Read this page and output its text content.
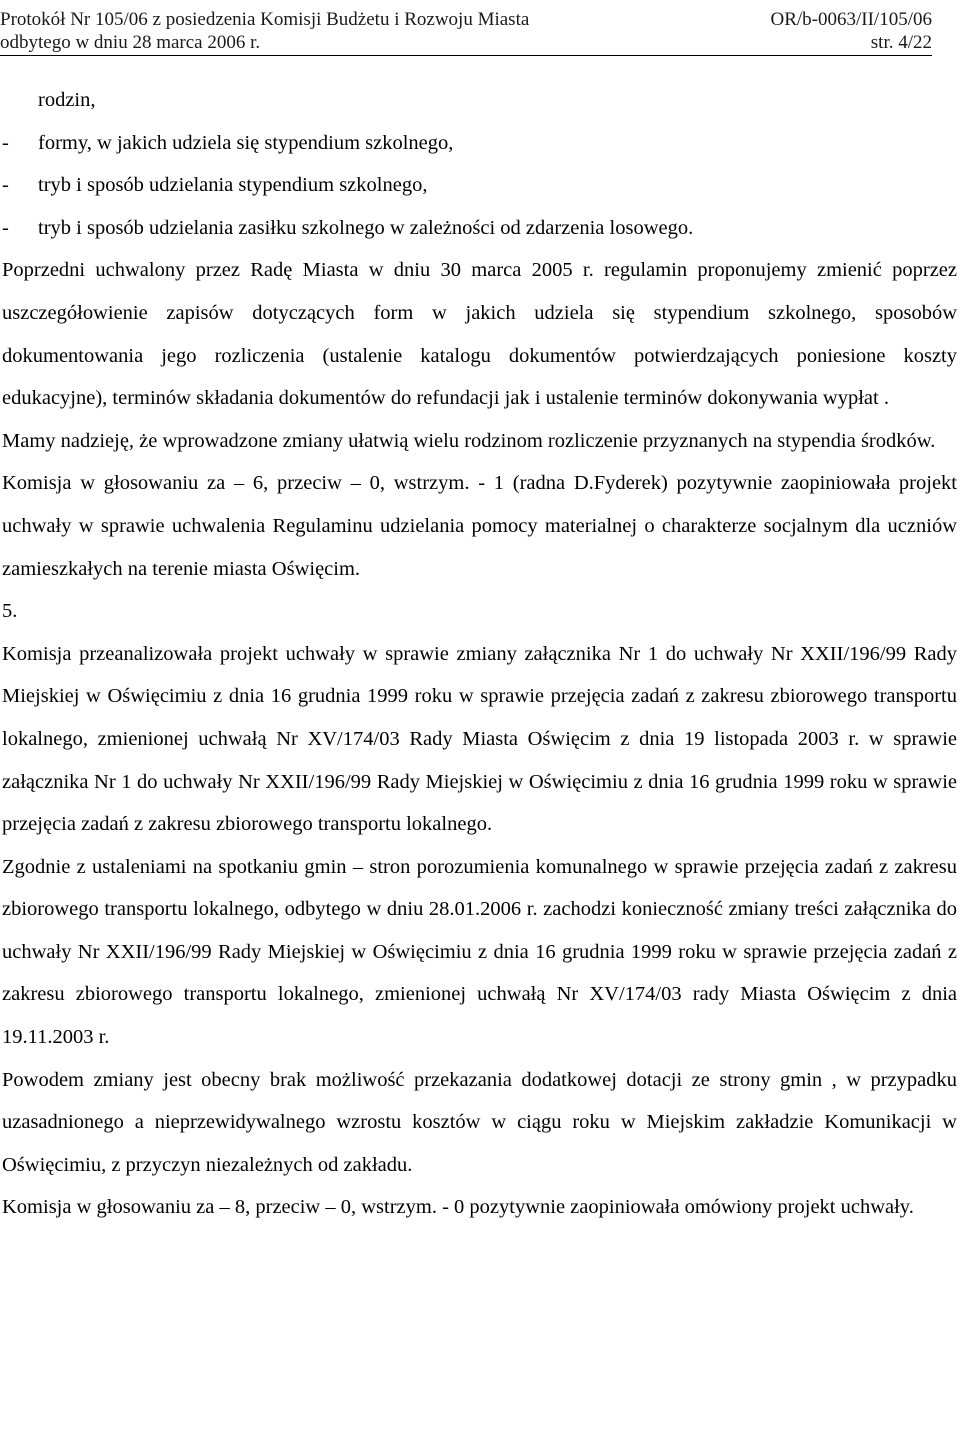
Protokół Nr 105/06 z posiedzenia Komisji Budżetu i Rozwoju Miasta	OR/b-0063/II/105/06
odbytego w dniu 28 marca 2006 r.	str. 4/22
rodzin,
-	formy, w jakich udziela się stypendium szkolnego,
-	tryb i sposób udzielania stypendium szkolnego,
-	tryb i sposób udzielania zasiłku szkolnego w zależności od zdarzenia losowego.
Poprzedni uchwalony przez Radę Miasta w dniu 30 marca 2005 r. regulamin proponujemy zmienić poprzez uszczegółowienie zapisów dotyczących form w jakich udziela się stypendium szkolnego, sposobów dokumentowania jego rozliczenia (ustalenie katalogu dokumentów potwierdzających poniesione koszty edukacyjne), terminów składania dokumentów do refundacji jak i ustalenie terminów dokonywania wypłat .
Mamy nadzieję, że wprowadzone zmiany ułatwią wielu rodzinom rozliczenie przyznanych na stypendia środków.
Komisja w głosowaniu za – 6, przeciw – 0, wstrzym. - 1 (radna D.Fyderek) pozytywnie zaopiniowała projekt uchwały w sprawie uchwalenia Regulaminu udzielania pomocy materialnej o charakterze socjalnym dla uczniów zamieszkałych na terenie miasta Oświęcim.
5.
Komisja przeanalizowała projekt uchwały w sprawie zmiany załącznika Nr 1 do uchwały Nr XXII/196/99 Rady Miejskiej w Oświęcimiu z dnia 16 grudnia 1999 roku w sprawie przejęcia zadań z zakresu zbiorowego transportu lokalnego, zmienionej uchwałą Nr XV/174/03 Rady Miasta Oświęcim z dnia 19 listopada 2003 r. w sprawie załącznika Nr 1 do uchwały Nr XXII/196/99 Rady Miejskiej w Oświęcimiu z dnia 16 grudnia 1999 roku w sprawie przejęcia zadań z zakresu zbiorowego transportu lokalnego.
Zgodnie z ustaleniami na spotkaniu gmin – stron porozumienia komunalnego w sprawie przejęcia zadań z zakresu zbiorowego transportu lokalnego, odbytego w dniu 28.01.2006 r. zachodzi konieczność zmiany treści załącznika do uchwały Nr XXII/196/99 Rady Miejskiej w Oświęcimiu z dnia 16 grudnia 1999 roku w sprawie przejęcia zadań z zakresu zbiorowego transportu lokalnego, zmienionej uchwałą Nr XV/174/03 rady Miasta Oświęcim z dnia 19.11.2003 r.
Powodem zmiany jest obecny brak możliwość przekazania dodatkowej dotacji ze strony gmin , w przypadku uzasadnionego a nieprzewidywalnego wzrostu kosztów w ciągu roku w Miejskim zakładzie Komunikacji w Oświęcimiu, z przyczyn niezależnych od zakładu.
Komisja w głosowaniu za – 8, przeciw – 0, wstrzym. - 0 pozytywnie zaopiniowała omówiony projekt uchwały.
